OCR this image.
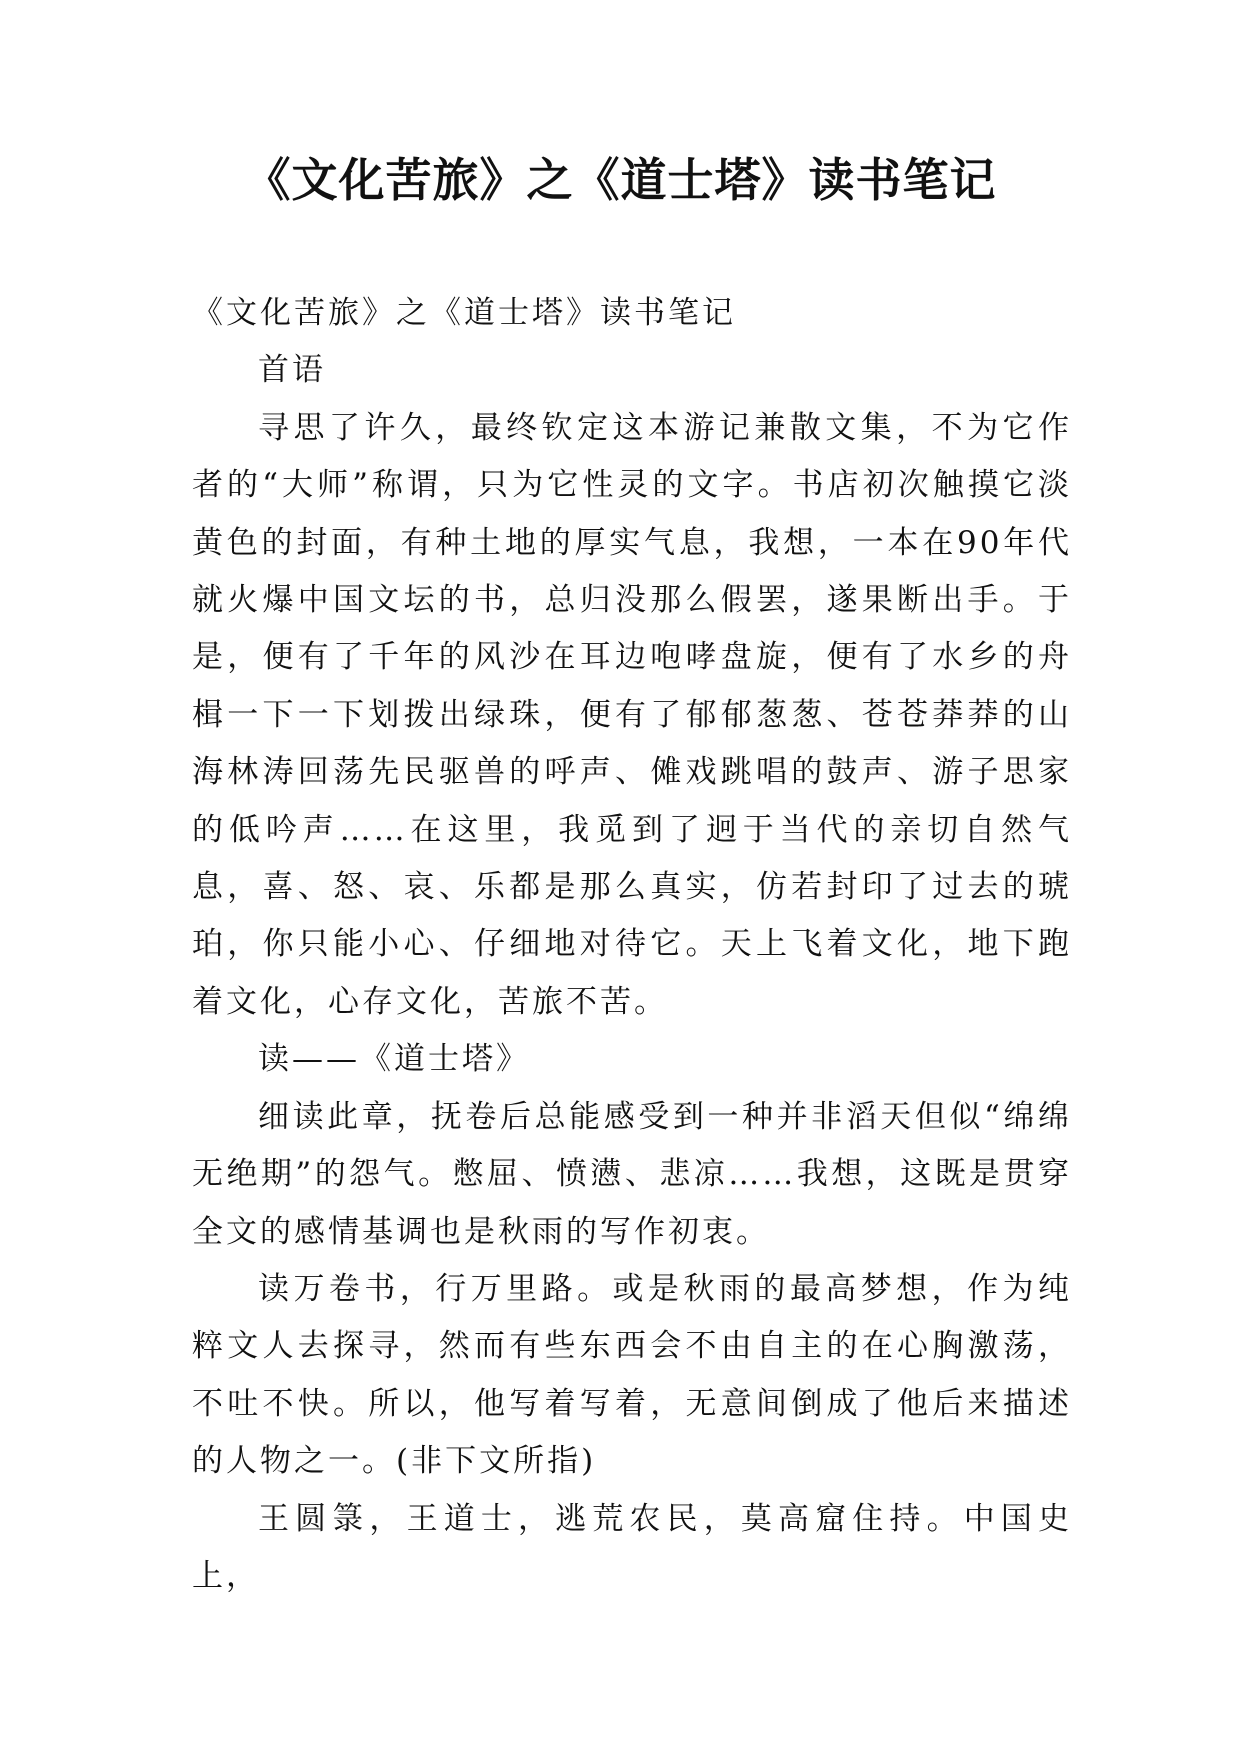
《文化苦旅》之《道士塔》读书笔记

《文化苦旅》之《道士塔》读书笔记

首语

寻思了许久，最终钦定这本游记兼散文集，不为它作者的“大师”称谓，只为它性灵的文字。书店初次触摸它淡黄色的封面，有种土地的厚实气息，我想，一本在90年代就火爆中国文坛的书，总归没那么假罢，遂果断出手。于是，便有了千年的风沙在耳边咆哮盘旋，便有了水乡的舟楫一下一下划拨出绿珠，便有了郁郁葱葱、苍苍莽莽的山海林涛回荡先民驱兽的呼声、傩戏跳唱的鼓声、游子思家的低吟声……在这里，我觅到了迥于当代的亲切自然气息，喜、怒、哀、乐都是那么真实，仿若封印了过去的琥珀，你只能小心、仔细地对待它。天上飞着文化，地下跑着文化，心存文化，苦旅不苦。

读——《道士塔》

细读此章，抚卷后总能感受到一种并非滔天但似“绵绵无绝期”的怨气。憋屈、愤懑、悲凉……我想，这既是贯穿全文的感情基调也是秋雨的写作初衷。

读万卷书，行万里路。或是秋雨的最高梦想，作为纯粹文人去探寻，然而有些东西会不由自主的在心胸激荡，不吐不快。所以，他写着写着，无意间倒成了他后来描述的人物之一。(非下文所指)

王圆箓，王道士，逃荒农民，莫高窟住持。中国史上，
